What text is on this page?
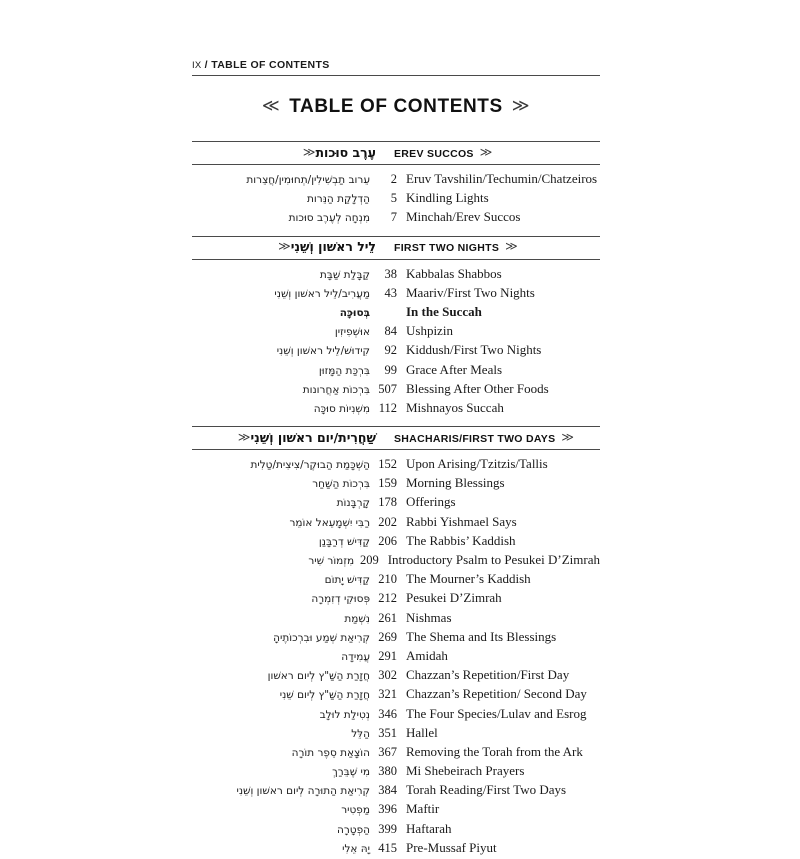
IX / TABLE OF CONTENTS
≪ TABLE OF CONTENTS ≫
עֶרֶב סוּכות≪	EREV SUCCOS ≫
עֵרוב תַבְשִׁילִין/תְחוּמִין/חֲצֵרות	2 Eruv Tavshilin/Techumin/Chatzeiros
הַדְלָקַת הַנֵּרות	5 Kindling Lights
מִנְחָה לְעֶרֶב סוּכות	7 Minchah/Erev Succos
לֵיל ראשׁון וְשֵׁנִי≪	FIRST TWO NIGHTS ≫
קַבָּלַת שַׁבָּת	38 Kabbalas Shabbos
מַעֲרִיב/לֵיל ראשׁון וְשֵׁנִי	43 Maariv/First Two Nights
בְּסוּכָּה	In the Succah
אוּשְׁפִיזִין	84 Ushpizin
קִידוּשׁ/לֵיל ראשׁון וְשֵׁנִי	92 Kiddush/First Two Nights
בִּרְכַּת הַמָּזוּן	99 Grace After Meals
בִּרְכוֺת אַחֲרונות 507 Blessing After Other Foods
מִשְׁנִיוֺת סוּכָּה 112 Mishnayos Succah
שַׁחֲרִית/יום ראשׁון וְשֵׁנִי≪	SHACHARIS/FIRST TWO DAYS ≫
הַשְׁכָּמַת הַבוּקֶר/צִיצִית/טַלִית 152 Upon Arising/Tzitzis/Tallis
בִּרְכוֺת הַשַּׁחַר 159 Morning Blessings
קָרְבָּנוֺת 178 Offerings
רַבִּי יִשְׁמָעֵאל אוֹמֵר 202 Rabbi Yishmael Says
קַדִּישׁ דְרַבָּנַן 206 The Rabbis’ Kaddish
מִזְמוֺר שִׁיר 209 Introductory Psalm to Pesukei D’Zimrah
קַדִּישׁ יָתוֹם 210 The Mourner’s Kaddish
פְּסוּקֵי דְזִמְרָה 212 Pesukei D’Zimrah
נִשְׁמַת 261 Nishmas
קְרִיאַת שְׁמַע וּבִרְכוֹתֶיהָ 269 The Shema and Its Blessings
עֲמִידָה 291 Amidah
חֲזָרַת הַשַּׁ"ץ לְיום ראשׁון 302 Chazzan’s Repetition/First Day
חֲזָרַת הַשַּׁ"ץ לְיום שֵׁנִי 321 Chazzan’s Repetition/ Second Day
נְטִילַת לוּלָב 346 The Four Species/Lulav and Esrog
הַלֵּל 351 Hallel
הוֹצָאַת סֵפֶר תוֹרָה 367 Removing the Torah from the Ark
מִי שֶׁבֵּרַךְ 380 Mi Shebeirach Prayers
קְרִיאַת הַתוּרָה לְיום ראשׁון וְשֵׁנִי 384 Torah Reading/First Two Days
מַפְטִיר 396 Maftir
הַפְטָרָה 399 Haftarah
יָהּ אֵלִי 415 Pre-Mussaf Piyut
